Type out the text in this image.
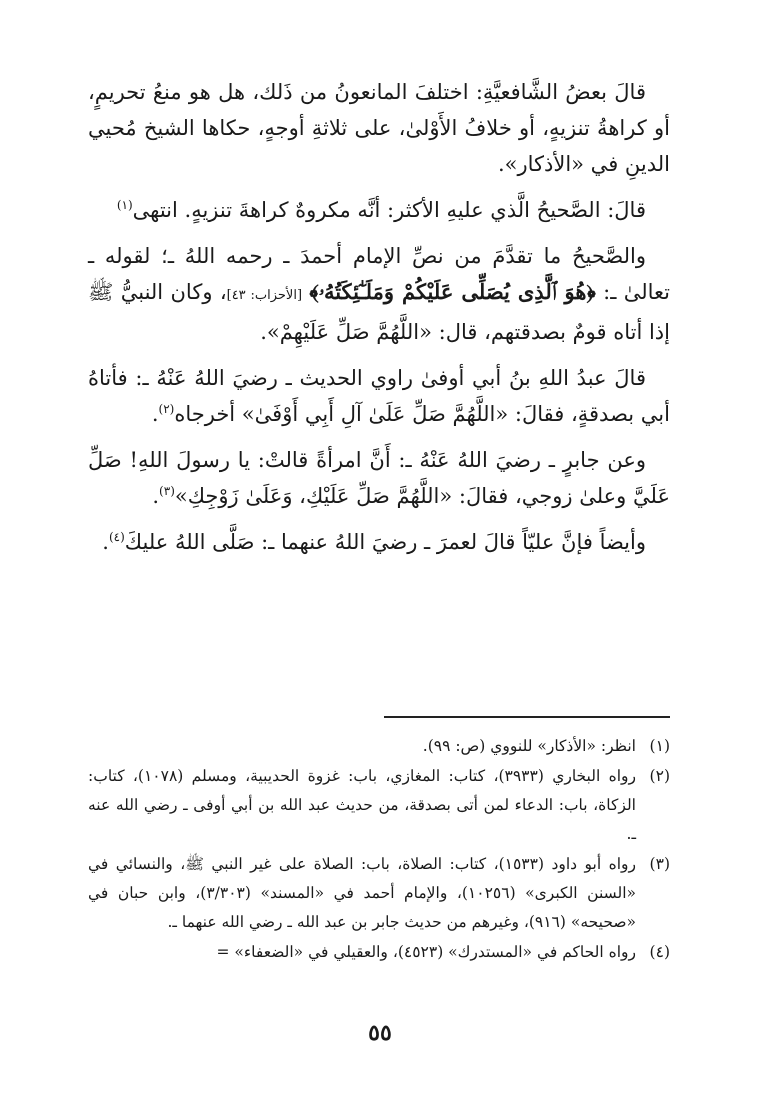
قالَ بعضُ الشَّافعيَّةِ: اختلفَ المانعونُ من ذَلك، هل هو منعُ تحريمٍ، أو كراهةُ تنزيهٍ، أو خلافُ الأَوْلىٰ، على ثلاثةِ أوجهٍ، حكاها الشيخ مُحيي الدينِ في «الأذكار».

قالَ: الصَّحيحُ الَّذي عليهِ الأكثر: أنَّه مكروهٌ كراهةَ تنزيهٍ. انتهى$^{(١)}$

والصَّحيحُ ما تقدَّمَ من نصِّ الإمام أحمدَ ـ رحمه اللهُ ـ؛ لقوله ـ تعالىٰ ـ: ﴿هُوَ ٱلَّذِى يُصَلِّى عَلَيْكُمْ وَمَلَـٰٓئِكَتُهُۥ﴾ [الأحزاب: ٤٣]، وكان النبيُّ ﷺ إذا أتاه قومٌ بصدقتهم، قال: «اللَّهُمَّ صَلِّ عَلَيْهِمْ».

قالَ عبدُ اللهِ بنُ أبي أوفىٰ راوي الحديث ـ رضيَ اللهُ عَنْهُ ـ: فأتاهُ أبي بصدقةٍ، فقالَ: «اللَّهُمَّ صَلِّ عَلَىٰ آلِ أَبِي أَوْفَىٰ» أخرجاه$^{(٢)}$.

وعن جابرٍ ـ رضيَ اللهُ عَنْهُ ـ: أَنَّ امرأةً قالتْ: يا رسولَ اللهِ! صَلِّ عَلَيَّ وعلىٰ زوجي، فقالَ: «اللَّهُمَّ صَلِّ عَلَيْكِ، وَعَلَىٰ زَوْجِكِ»$^{(٣)}$.

وأيضاً فإنَّ عليّاً قالَ لعمرَ ـ رضيَ اللهُ عنهما ـ: صَلَّى اللهُ عليكَ$^{(٤)}$.

(١)
انظر: «الأذكار» للنووي (ص: ٩٩).
(٢)
رواه البخاري (٣٩٣٣)، كتاب: المغازي، باب: غزوة الحديبية، ومسلم (١٠٧٨)، كتاب: الزكاة، باب: الدعاء لمن أتى بصدقة، من حديث عبد الله بن أبي أوفى ـ رضي الله عنه ـ.
(٣)
رواه أبو داود (١٥٣٣)، كتاب: الصلاة، باب: الصلاة على غير النبي ﷺ، والنسائي في «السنن الكبرى» (١٠٢٥٦)، والإمام أحمد في «المسند» (٣/٣٠٣)، وابن حبان في «صحيحه» (٩١٦)، وغيرهم من حديث جابر بن عبد الله ـ رضي الله عنهما ـ.
(٤)
رواه الحاكم في «المستدرك» (٤٥٢٣)، والعقيلي في «الضعفاء» =
٥٥
